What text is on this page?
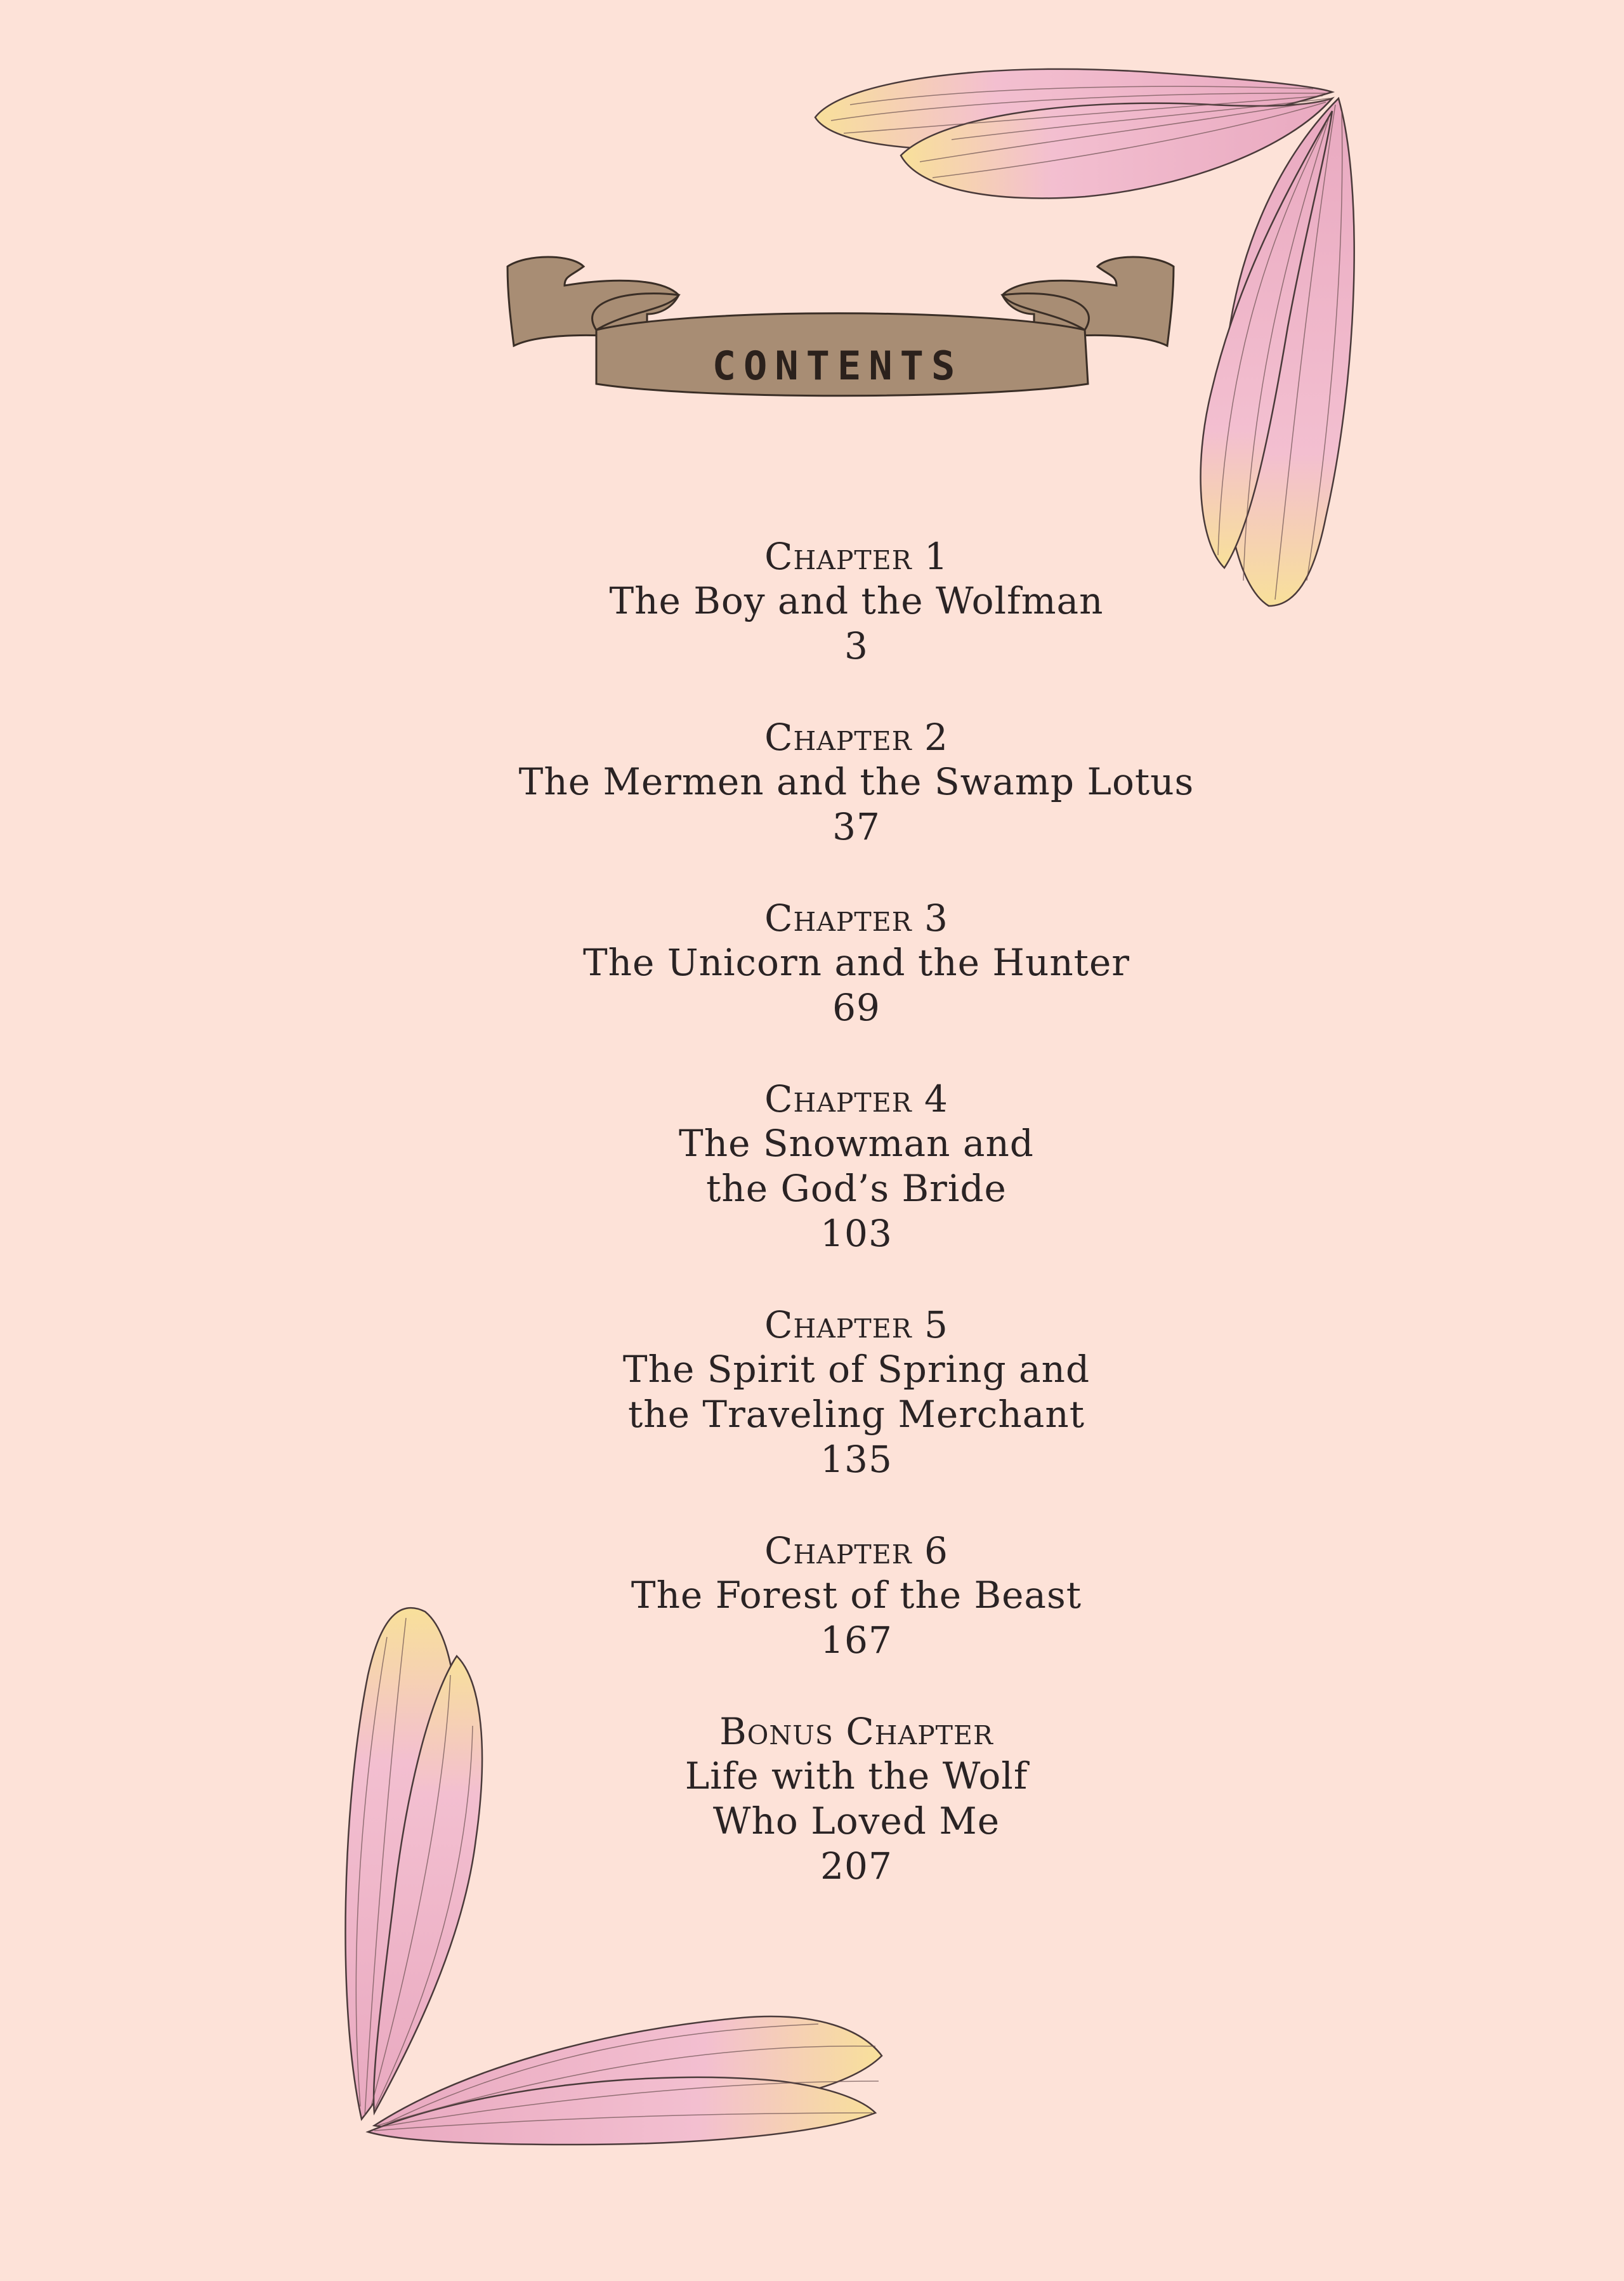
CONTENTS
Chapter 1
The Boy and the Wolfman
3
Chapter 2
The Mermen and the Swamp Lotus
37
Chapter 3
The Unicorn and the Hunter
69
Chapter 4
The Snowman and
the God’s Bride
103
Chapter 5
The Spirit of Spring and
the Traveling Merchant
135
Chapter 6
The Forest of the Beast
167
Bonus Chapter
Life with the Wolf
Who Loved Me
207
